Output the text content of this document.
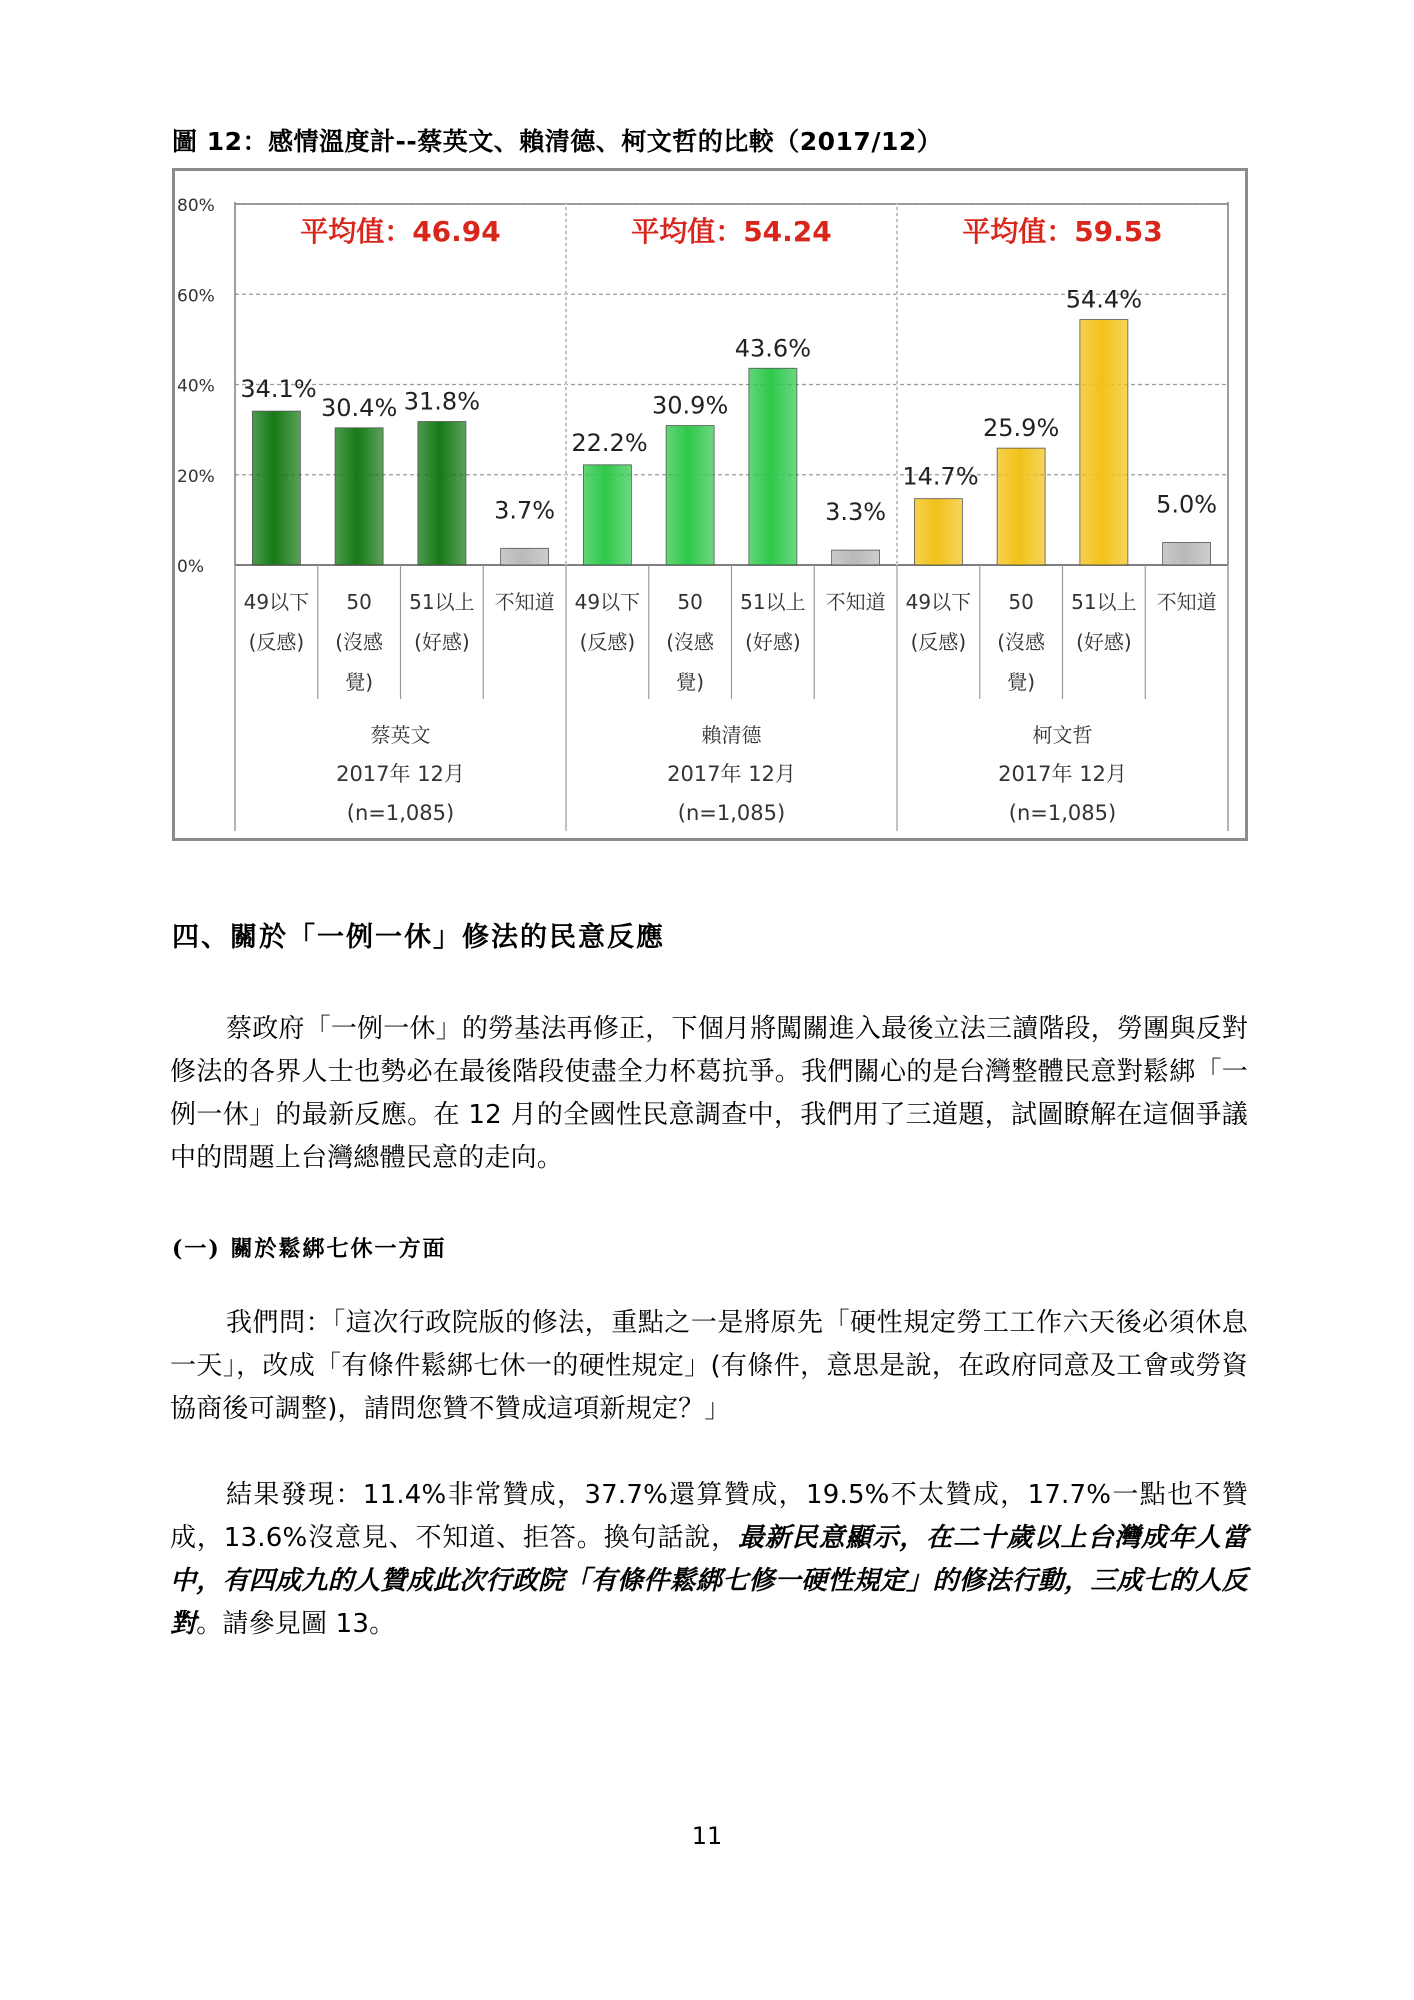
圖 12：感情溫度計--蔡英文、賴清德、柯文哲的比較（2017/12）
0%
20%
40%
60%
80%
平均值：46.94
34.1%
49以下
(反感)
30.4%
50
(沒感
覺)
31.8%
51以上
(好感)
3.7%
不知道
蔡英文
2017年 12月
(n=1,085)
平均值：54.24
22.2%
49以下
(反感)
30.9%
50
(沒感
覺)
43.6%
51以上
(好感)
3.3%
不知道
賴清德
2017年 12月
(n=1,085)
平均值：59.53
14.7%
49以下
(反感)
25.9%
50
(沒感
覺)
54.4%
51以上
(好感)
5.0%
不知道
柯文哲
2017年 12月
(n=1,085)
四、關於「一例一休」修法的民意反應

蔡政府「一例一休」的勞基法再修正，下個月將闖關進入最後立法三讀階段，勞團與反對修法的各界人士也勢必在最後階段使盡全力杯葛抗爭。我們關心的是台灣整體民意對鬆綁「一例一休」的最新反應。在 12 月的全國性民意調查中，我們用了三道題，試圖瞭解在這個爭議中的問題上台灣總體民意的走向。

(一) 關於鬆綁七休一方面

我們問：「這次行政院版的修法，重點之一是將原先「硬性規定勞工工作六天後必須休息一天」，改成「有條件鬆綁七休一的硬性規定」(有條件，意思是說，在政府同意及工會或勞資協商後可調整)，請問您贊不贊成這項新規定？」

結果發現：11.4%非常贊成，37.7%還算贊成，19.5%不太贊成，17.7%一點也不贊成，13.6%沒意見、不知道、拒答。換句話說，最新民意顯示，在二十歲以上台灣成年人當中，有四成九的人贊成此次行政院「有條件鬆綁七修一硬性規定」的修法行動，三成七的人反對。請參見圖 13。

11
